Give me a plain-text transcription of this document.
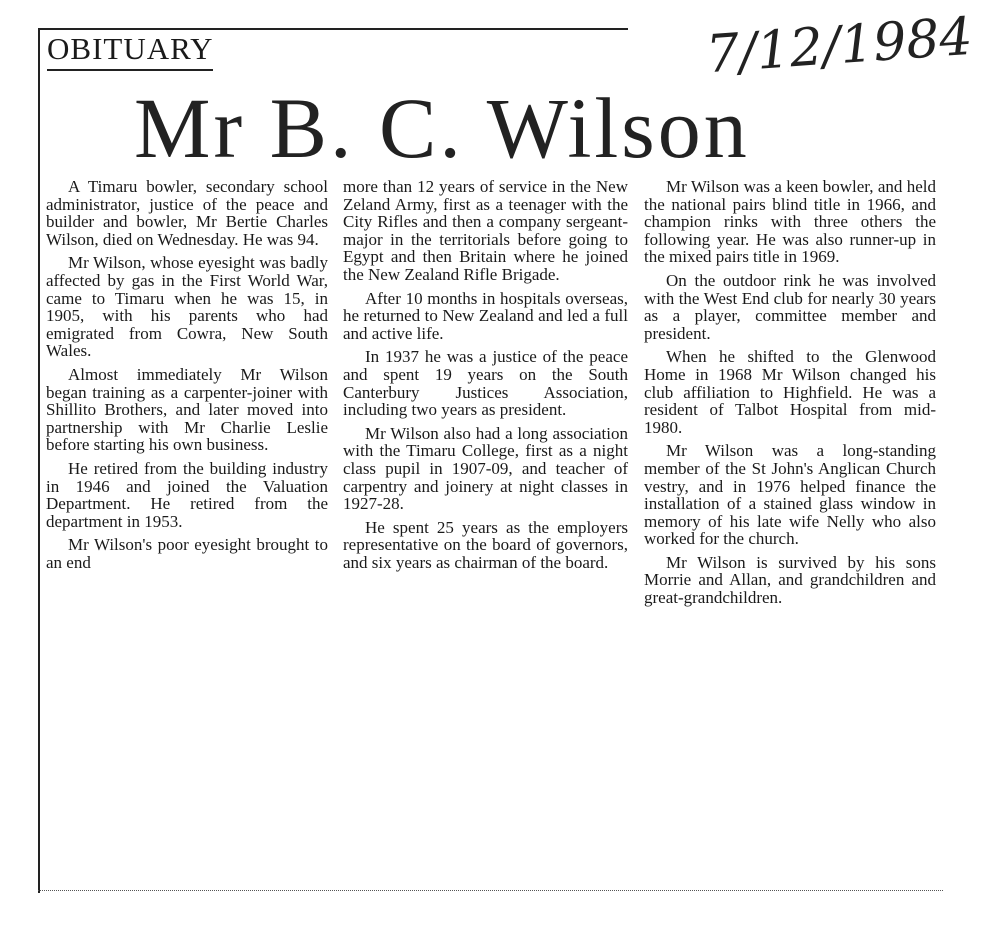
OBITUARY	7/12/1984
Mr B. C. Wilson

A Timaru bowler, secondary school administrator, justice of the peace and builder and bowler, Mr Bertie Charles Wilson, died on Wednesday. He was 94.

Mr Wilson, whose eyesight was badly affected by gas in the First World War, came to Timaru when he was 15, in 1905, with his parents who had emigrated from Cowra, New South Wales.

Almost immediately Mr Wilson began training as a carpenter-joiner with Shillito Brothers, and later moved into partnership with Mr Charlie Leslie before starting his own business.

He retired from the building industry in 1946 and joined the Valuation Department. He retired from the department in 1953.

Mr Wilson's poor eyesight brought to an end

more than 12 years of service in the New Zeland Army, first as a teenager with the City Rifles and then a company sergeant-major in the territorials before going to Egypt and then Britain where he joined the New Zealand Rifle Brigade.

After 10 months in hospitals overseas, he returned to New Zealand and led a full and active life.

In 1937 he was a justice of the peace and spent 19 years on the South Canterbury Justices Association, including two years as president.

Mr Wilson also had a long association with the Timaru College, first as a night class pupil in 1907-09, and teacher of carpentry and joinery at night classes in 1927-28.

He spent 25 years as the employers representative on the board of governors, and six years as chairman of the board.

Mr Wilson was a keen bowler, and held the national pairs blind title in 1966, and champion rinks with three others the following year. He was also runner-up in the mixed pairs title in 1969.

On the outdoor rink he was involved with the West End club for nearly 30 years as a player, committee member and president.

When he shifted to the Glenwood Home in 1968 Mr Wilson changed his club affiliation to Highfield. He was a resident of Talbot Hospital from mid-1980.

Mr Wilson was a long-standing member of the St John's Anglican Church vestry, and in 1976 helped finance the installation of a stained glass window in memory of his late wife Nelly who also worked for the church.

Mr Wilson is survived by his sons Morrie and Allan, and grandchildren and great-grandchildren.
